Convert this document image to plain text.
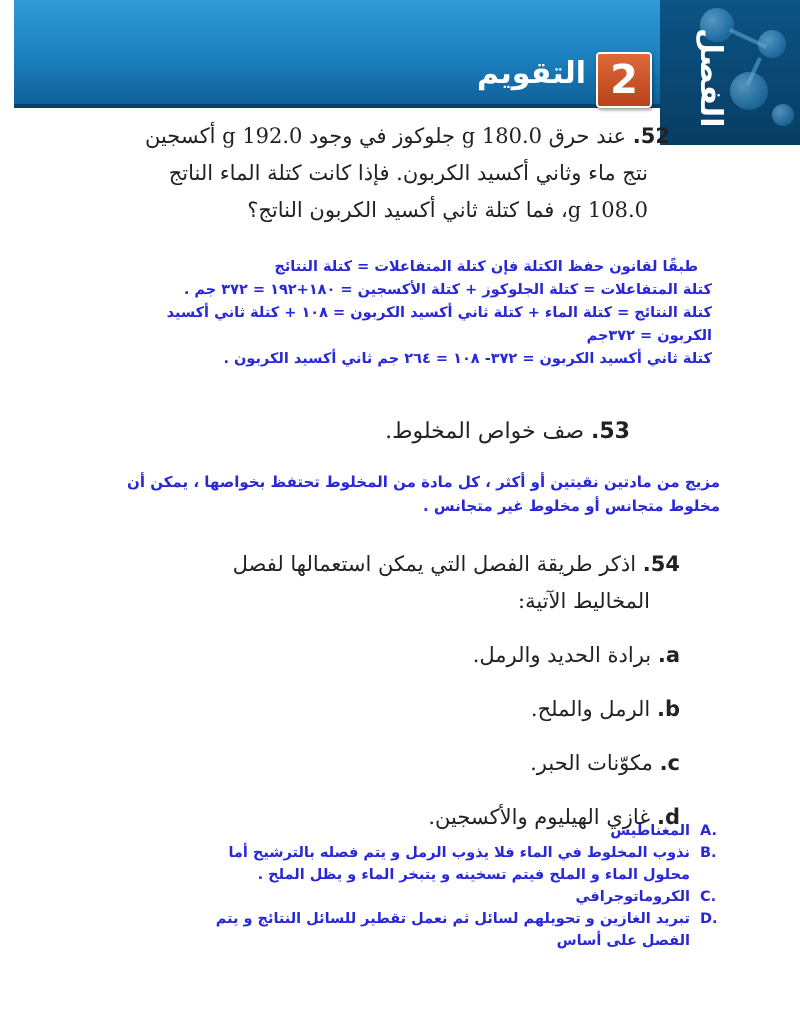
الفصل
2
التقويم
52. عند حرق 180.0 g جلوكوز في وجود 192.0 g أكسجين
نتج ماء وثاني أكسيد الكربون. فإذا كانت كتلة الماء الناتج
108.0 g، فما كتلة ثاني أكسيد الكربون الناتج؟
طبقًا لقانون حفظ الكتلة فإن كتلة المتفاعلات = كتلة النتائج
كتلة المتفاعلات = كتلة الجلوكوز + كتلة الأكسجين = ١٨٠+١٩٢ = ٣٧٢ جم .
كتلة النتائج = كتلة الماء + كتلة ثاني أكسيد الكربون = ١٠٨ + كتلة ثاني أكسيد
الكربون = ٣٧٢جم
كتلة ثاني أكسيد الكربون = ٣٧٢- ١٠٨ = ٢٦٤ جم ثاني أكسيد الكربون .
53. صف خواص المخلوط.
مزيج من مادتين نقيتين أو أكثر ، كل مادة من المخلوط تحتفظ بخواصها ، يمكن أن
مخلوط متجانس أو مخلوط غير متجانس .
54. اذكر طريقة الفصل التي يمكن استعمالها لفصل
المخاليط الآتية:
a. برادة الحديد والرمل.
b. الرمل والملح.
c. مكوّنات الحبر.
d. غازي الهيليوم والأكسجين.
A.
المغناطيس
B.
نذوب المخلوط في الماء فلا يذوب الرمل و يتم فصله بالترشيح أما
محلول الماء و الملح فيتم تسخينه و يتبخر الماء و يظل الملح .
C.
الكروماتوجرافي
D.
تبريد الغازين و تحويلهم لسائل ثم نعمل تقطير للسائل النتائج و يتم
الفصل على أساس
